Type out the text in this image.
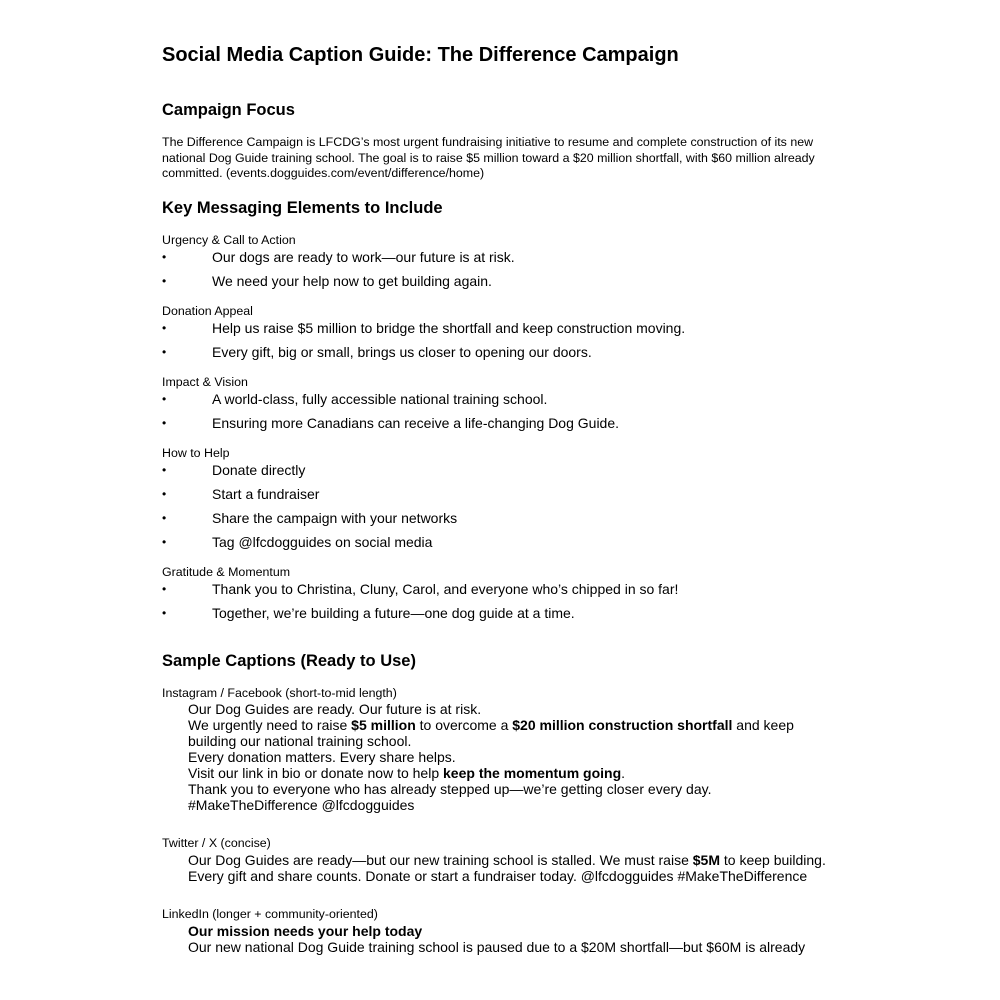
Social Media Caption Guide: The Difference Campaign
Campaign Focus

The Difference Campaign is LFCDG’s most urgent fundraising initiative to resume and complete construction of its new national Dog Guide training school. The goal is to raise $5 million toward a $20 million shortfall, with $60 million already committed. (events.dogguides.com/event/difference/home)

Key Messaging Elements to Include
Urgency & Call to Action
•	Our dogs are ready to work—our future is at risk.
•	We need your help now to get building again.
Donation Appeal
•	Help us raise $5 million to bridge the shortfall and keep construction moving.
•	Every gift, big or small, brings us closer to opening our doors.
Impact & Vision
•	A world-class, fully accessible national training school.
•	Ensuring more Canadians can receive a life-changing Dog Guide.
How to Help
•	Donate directly
•	Start a fundraiser
•	Share the campaign with your networks
•	Tag @lfcdogguides on social media
Gratitude & Momentum
•	Thank you to Christina, Cluny, Carol, and everyone who’s chipped in so far!
•	Together, we’re building a future—one dog guide at a time.
Sample Captions (Ready to Use)
Instagram / Facebook (short-to-mid length)
Our Dog Guides are ready. Our future is at risk.
We urgently need to raise $5 million to overcome a $20 million construction shortfall and keep
building our national training school.
Every donation matters. Every share helps.
Visit our link in bio or donate now to help keep the momentum going.
Thank you to everyone who has already stepped up—we’re getting closer every day.
#MakeTheDifference @lfcdogguides
Twitter / X (concise)
Our Dog Guides are ready—but our new training school is stalled. We must raise $5M to keep building.
Every gift and share counts. Donate or start a fundraiser today. @lfcdogguides #MakeTheDifference
LinkedIn (longer + community-oriented)
Our mission needs your help today
Our new national Dog Guide training school is paused due to a $20M shortfall—but $60M is already
